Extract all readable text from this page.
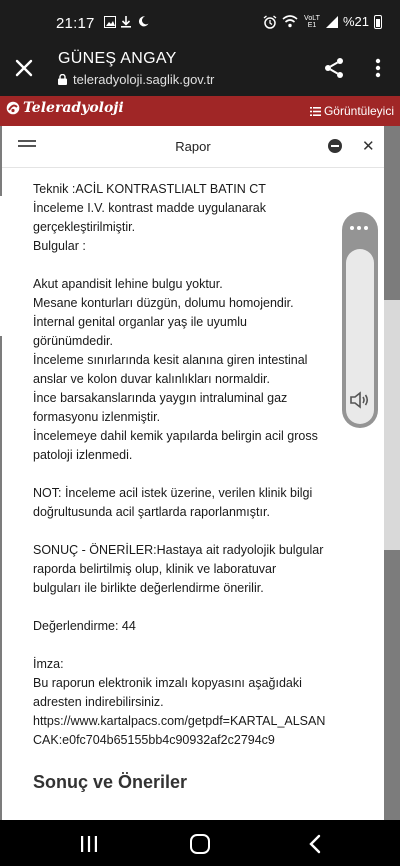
21:17	VoLTE1	%21
GÜNEŞ ANGAY
teleradyoloji.saglik.gov.tr
Teleradyoloji	Görüntüleyici
Rapor	✕

Teknik :ACİL KONTRASTLIALT BATIN CT

İnceleme I.V. kontrast madde uygulanarak

gerçekleştirilmiştir.

Bulgular :

Akut apandisit lehine bulgu yoktur.

Mesane konturları düzgün, dolumu homojendir.

İnternal genital organlar yaş ile uyumlu

görünümdedir.

İnceleme sınırlarında kesit alanına giren intestinal

anslar ve kolon duvar kalınlıkları normaldir.

İnce barsakanslarında yaygın intraluminal gaz

formasyonu izlenmiştir.

İncelemeye dahil kemik yapılarda belirgin acil gross

patoloji izlenmedi.

NOT: İnceleme acil istek üzerine, verilen klinik bilgi

doğrultusunda acil şartlarda raporlanmıştır.

SONUÇ - ÖNERİLER:Hastaya ait radyolojik bulgular

raporda belirtilmiş olup, klinik ve laboratuvar

bulguları ile birlikte değerlendirme önerilir.

Değerlendirme: 44

İmza:

Bu raporun elektronik imzalı kopyasını aşağıdaki

adresten indirebilirsiniz.

https://www.kartalpacs.com/getpdf=KARTAL_ALSAN

CAK:e0fc704b65155bb4c90932af2c2794c9

Sonuç ve Öneriler
